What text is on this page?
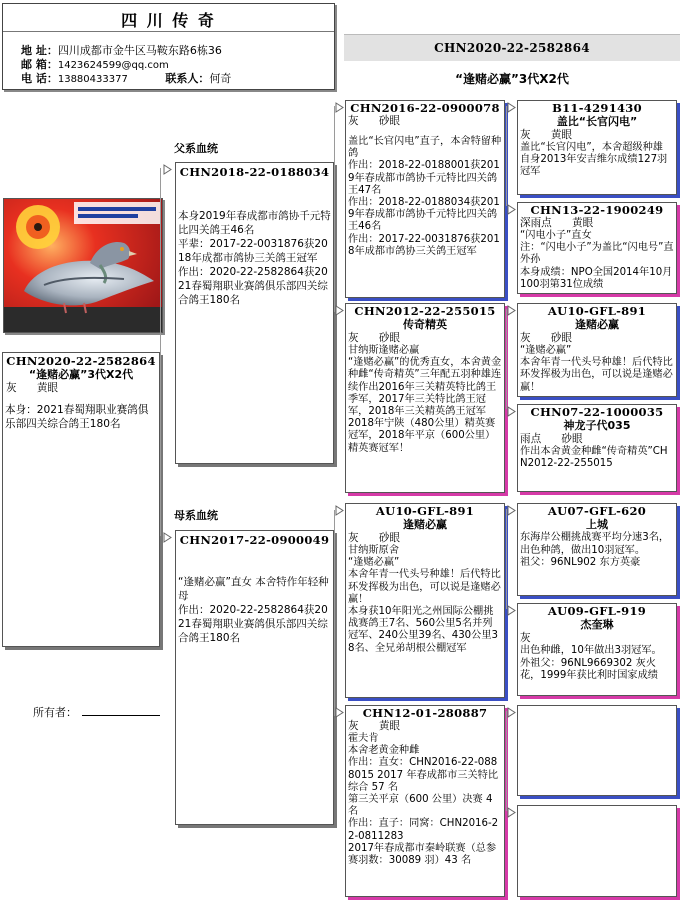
四 川 传 奇
地 址：四川成都市金牛区马鞍东路6栋36
邮 箱：1423624599@qq.com
电 话：13880433377	联系人：何奇
CHN2020-22-2582864
“逢赌必赢”3代X2代
CHN2020-22-2582864
“逢赌必赢”3代X2代
灰 黄眼
本身：2021春蜀翔职业赛鸽俱乐部四关综合鸽王180名
所有者：
父系血统
母系血统
CHN2018-22-0188034
本身2019年春成都市鸽协千元特比四关鸽王46名
平辈：2017-22-0031876获2018年成都市鸽协三关鸽王冠军
作出：2020-22-2582864获2021春蜀翔职业赛鸽俱乐部四关综合鸽王180名
CHN2017-22-0900049
“逢赌必赢”直女 本舍特作年轻种母
作出：2020-22-2582864获2021春蜀翔职业赛鸽俱乐部四关综合鸽王180名
CHN2016-22-0900078
灰 砂眼
盖比“长官闪电”直子，本舍特留种鸽
作出：2018-22-0188001获2019年春成都市鸽协千元特比四关鸽王47名
作出：2018-22-0188034获2019年春成都市鸽协千元特比四关鸽王46名
作出：2017-22-0031876获2018年成都市鸽协三关鸽王冠军
CHN2012-22-255015
传奇精英
灰 砂眼
甘纳斯逢赌必赢
“逢赌必赢”的优秀直女，本舍黄金种雌“传奇精英”三年配五羽种雄连续作出2016年三关精英特比鸽王季军，2017年三关特比鸽王冠军，2018年三关精英鸽王冠军
2018年宁陕（480公里）精英赛冠军，2018年平京（600公里）精英赛冠军！
AU10-GFL-891
逢赌必赢
灰 砂眼
甘纳斯原舍
“逢赌必赢”
本舍年青一代头号种雄！后代特比环发挥极为出色，可以说是逢赌必赢！
本身获10年阳光之州国际公棚挑战赛鸽王7名、560公里5名并列冠军、240公里39名、430公里38名、全兄弟胡根公棚冠军
CHN12-01-280887
灰 黄眼
霍夫肯
本舍老黄金种雌
作出：直女：CHN2016-22-0888015 2017 年春成都市三关特比综合 57 名
第三关平京（600 公里）决赛 4 名
作出：直子：同窝：CHN2016-22-0811283
2017年春成都市秦岭联赛（总参赛羽数：30089 羽）43 名
B11-4291430
盖比“长官闪电”
灰 黄眼
盖比“长官闪电”，本舍超级种雄
自身2013年安吉维尔成绩127羽冠军
CHN13-22-1900249
深雨点 黄眼
“闪电小子”直女
注：“闪电小子”为盖比“闪电号”直外孙
本身成绩：NPO全国2014年10月100羽第31位成绩
AU10-GFL-891
逢赌必赢
灰 砂眼
“逢赌必赢”
本舍年青一代头号种雄！后代特比环发挥极为出色，可以说是逢赌必赢！
CHN07-22-1000035
神龙子代035
雨点 砂眼
作出本舍黄金种雌“传奇精英”CHN2012-22-255015
AU07-GFL-620
上城
东海岸公棚挑战赛平均分速3名，出色种鸽，做出10羽冠军。
祖父：96NL902 东方英豪
AU09-GFL-919
杰奎琳
灰
出色种雌，10年做出3羽冠军。
外祖父：96NL9669302 灰火花，1999年获比利时国家成绩
